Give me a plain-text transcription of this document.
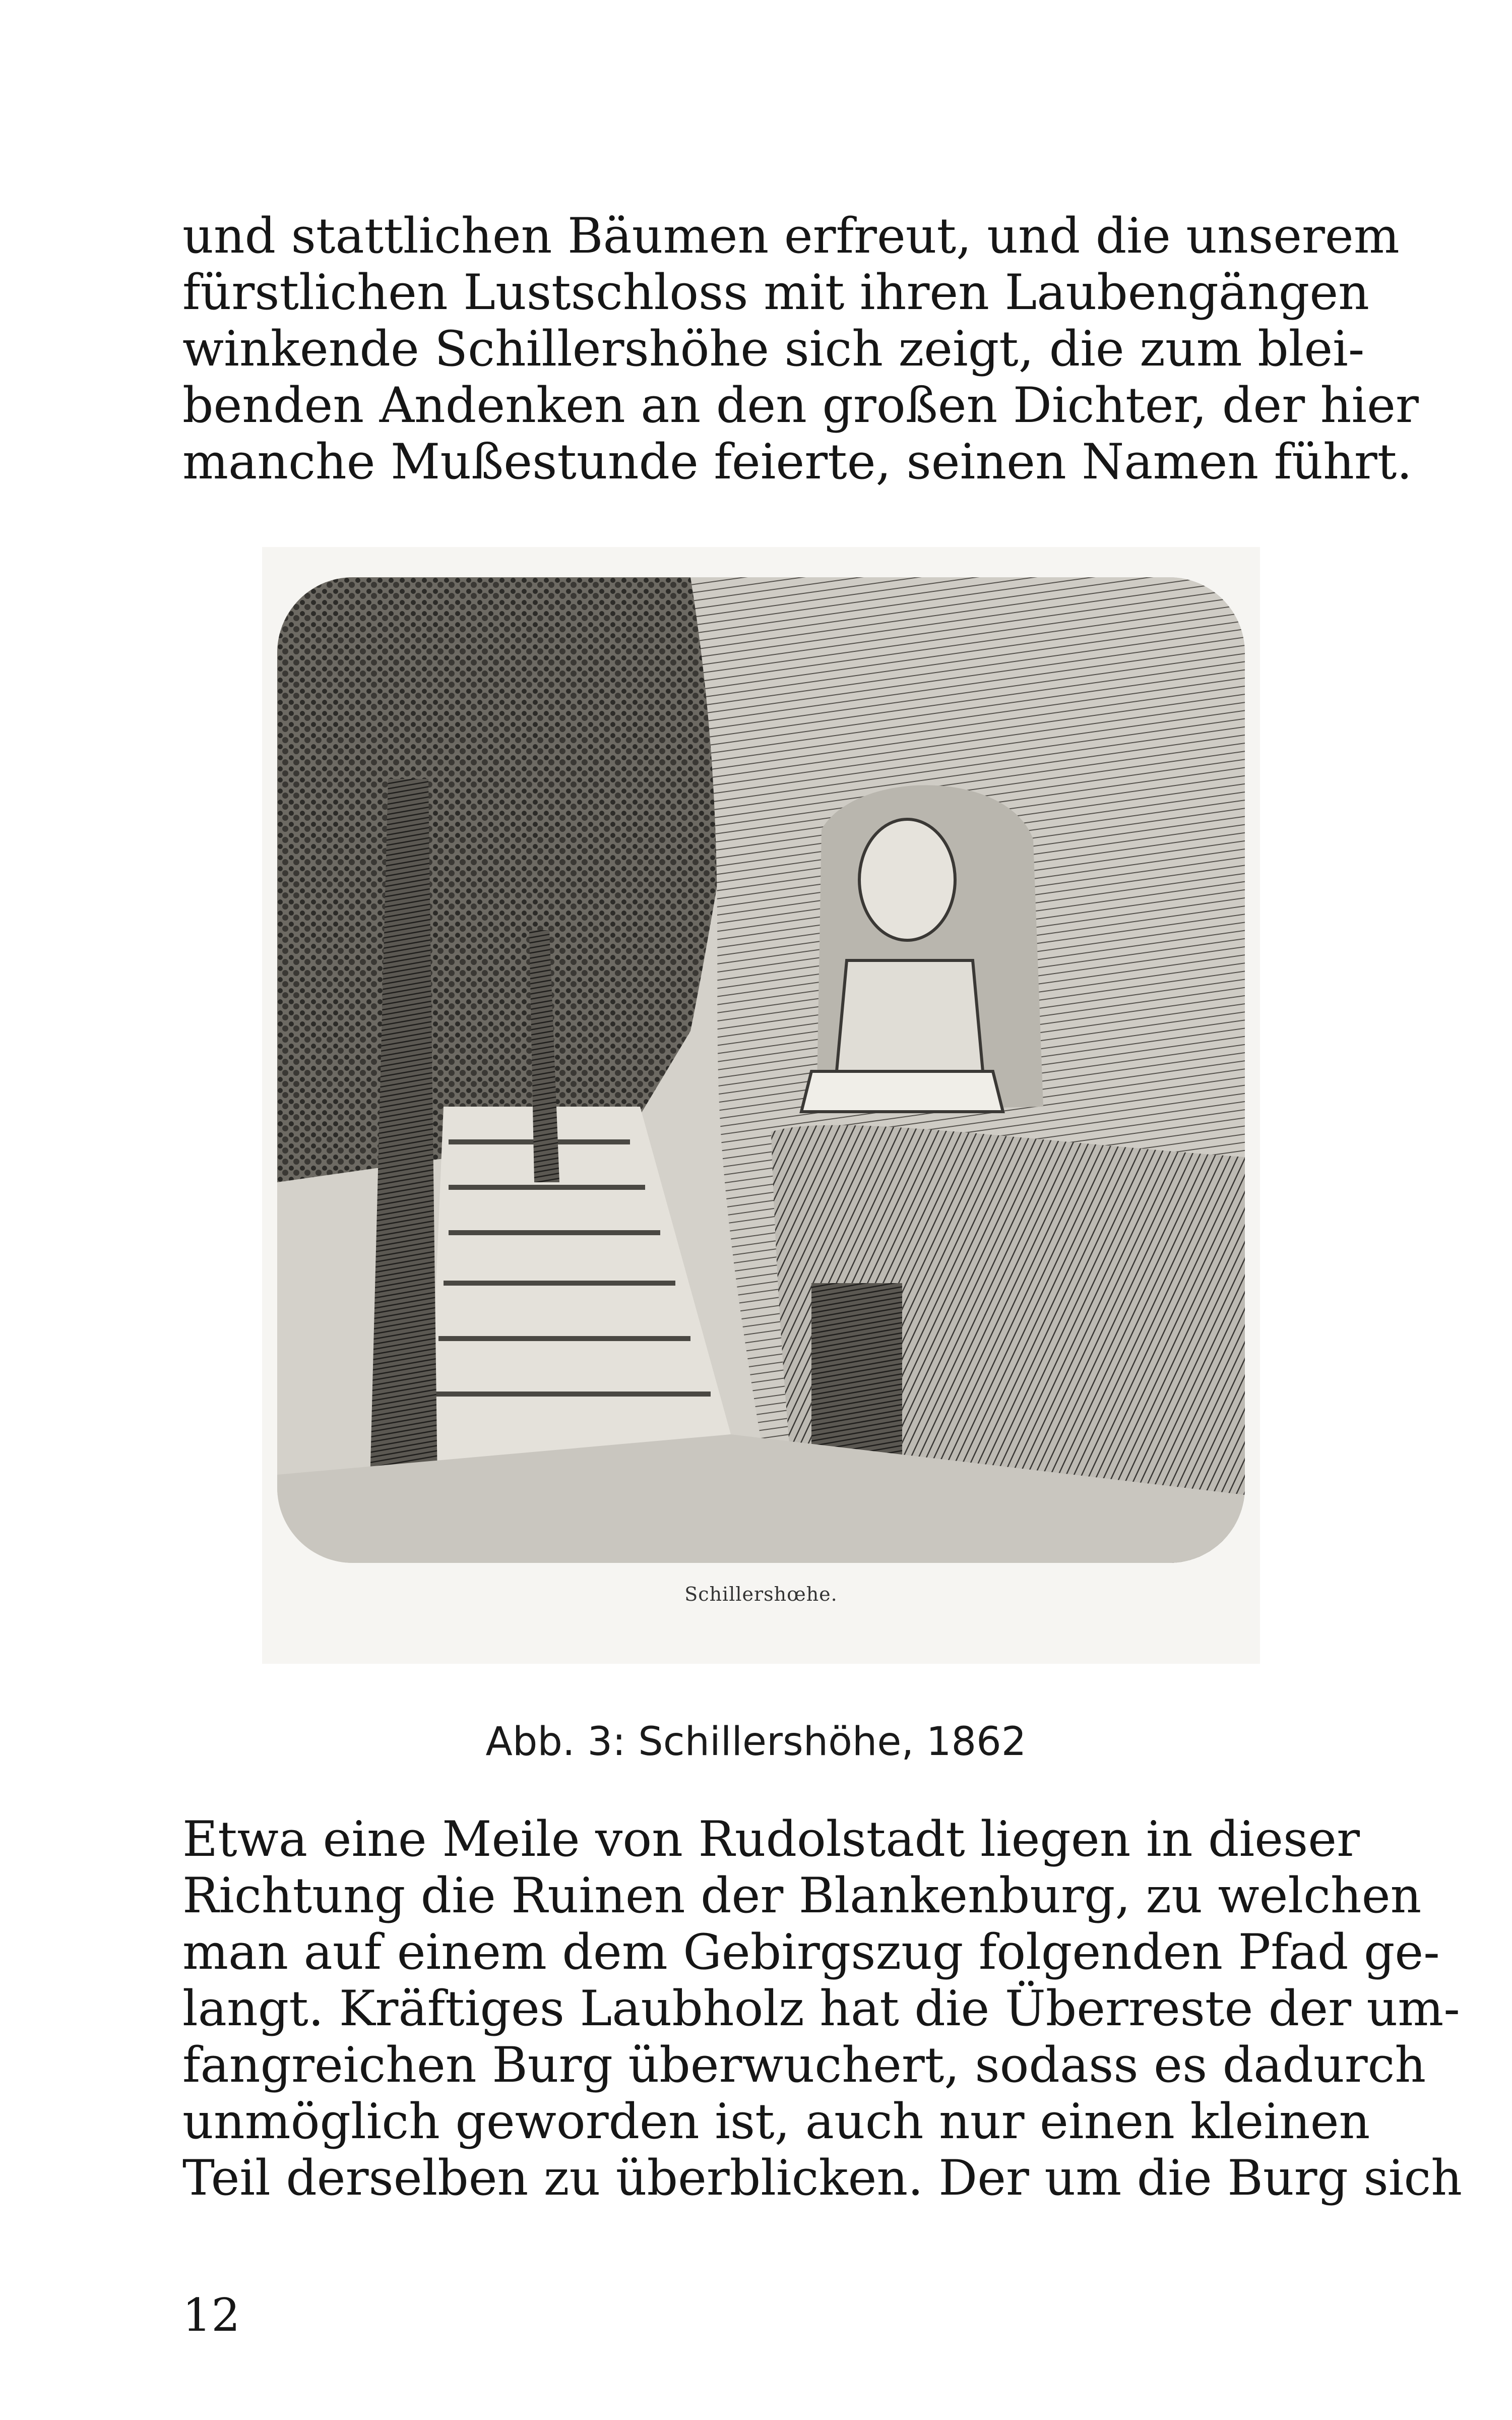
und stattlichen Bäumen erfreut, und die unserem
fürstlichen Lustschloss mit ihren Laubengängen
winkende Schillershöhe sich zeigt, die zum blei-
benden Andenken an den großen Dichter, der hier
manche Mußestunde feierte, seinen Namen führt.

Schillershœhe.
Abb. 3: Schillershöhe, 1862

Etwa eine Meile von Rudolstadt liegen in dieser
Richtung die Ruinen der Blankenburg, zu welchen
man auf einem dem Gebirgszug folgenden Pfad ge-
langt. Kräftiges Laubholz hat die Überreste der um-
fangreichen Burg überwuchert, sodass es dadurch
unmöglich geworden ist, auch nur einen kleinen
Teil derselben zu überblicken. Der um die Burg sich

12
